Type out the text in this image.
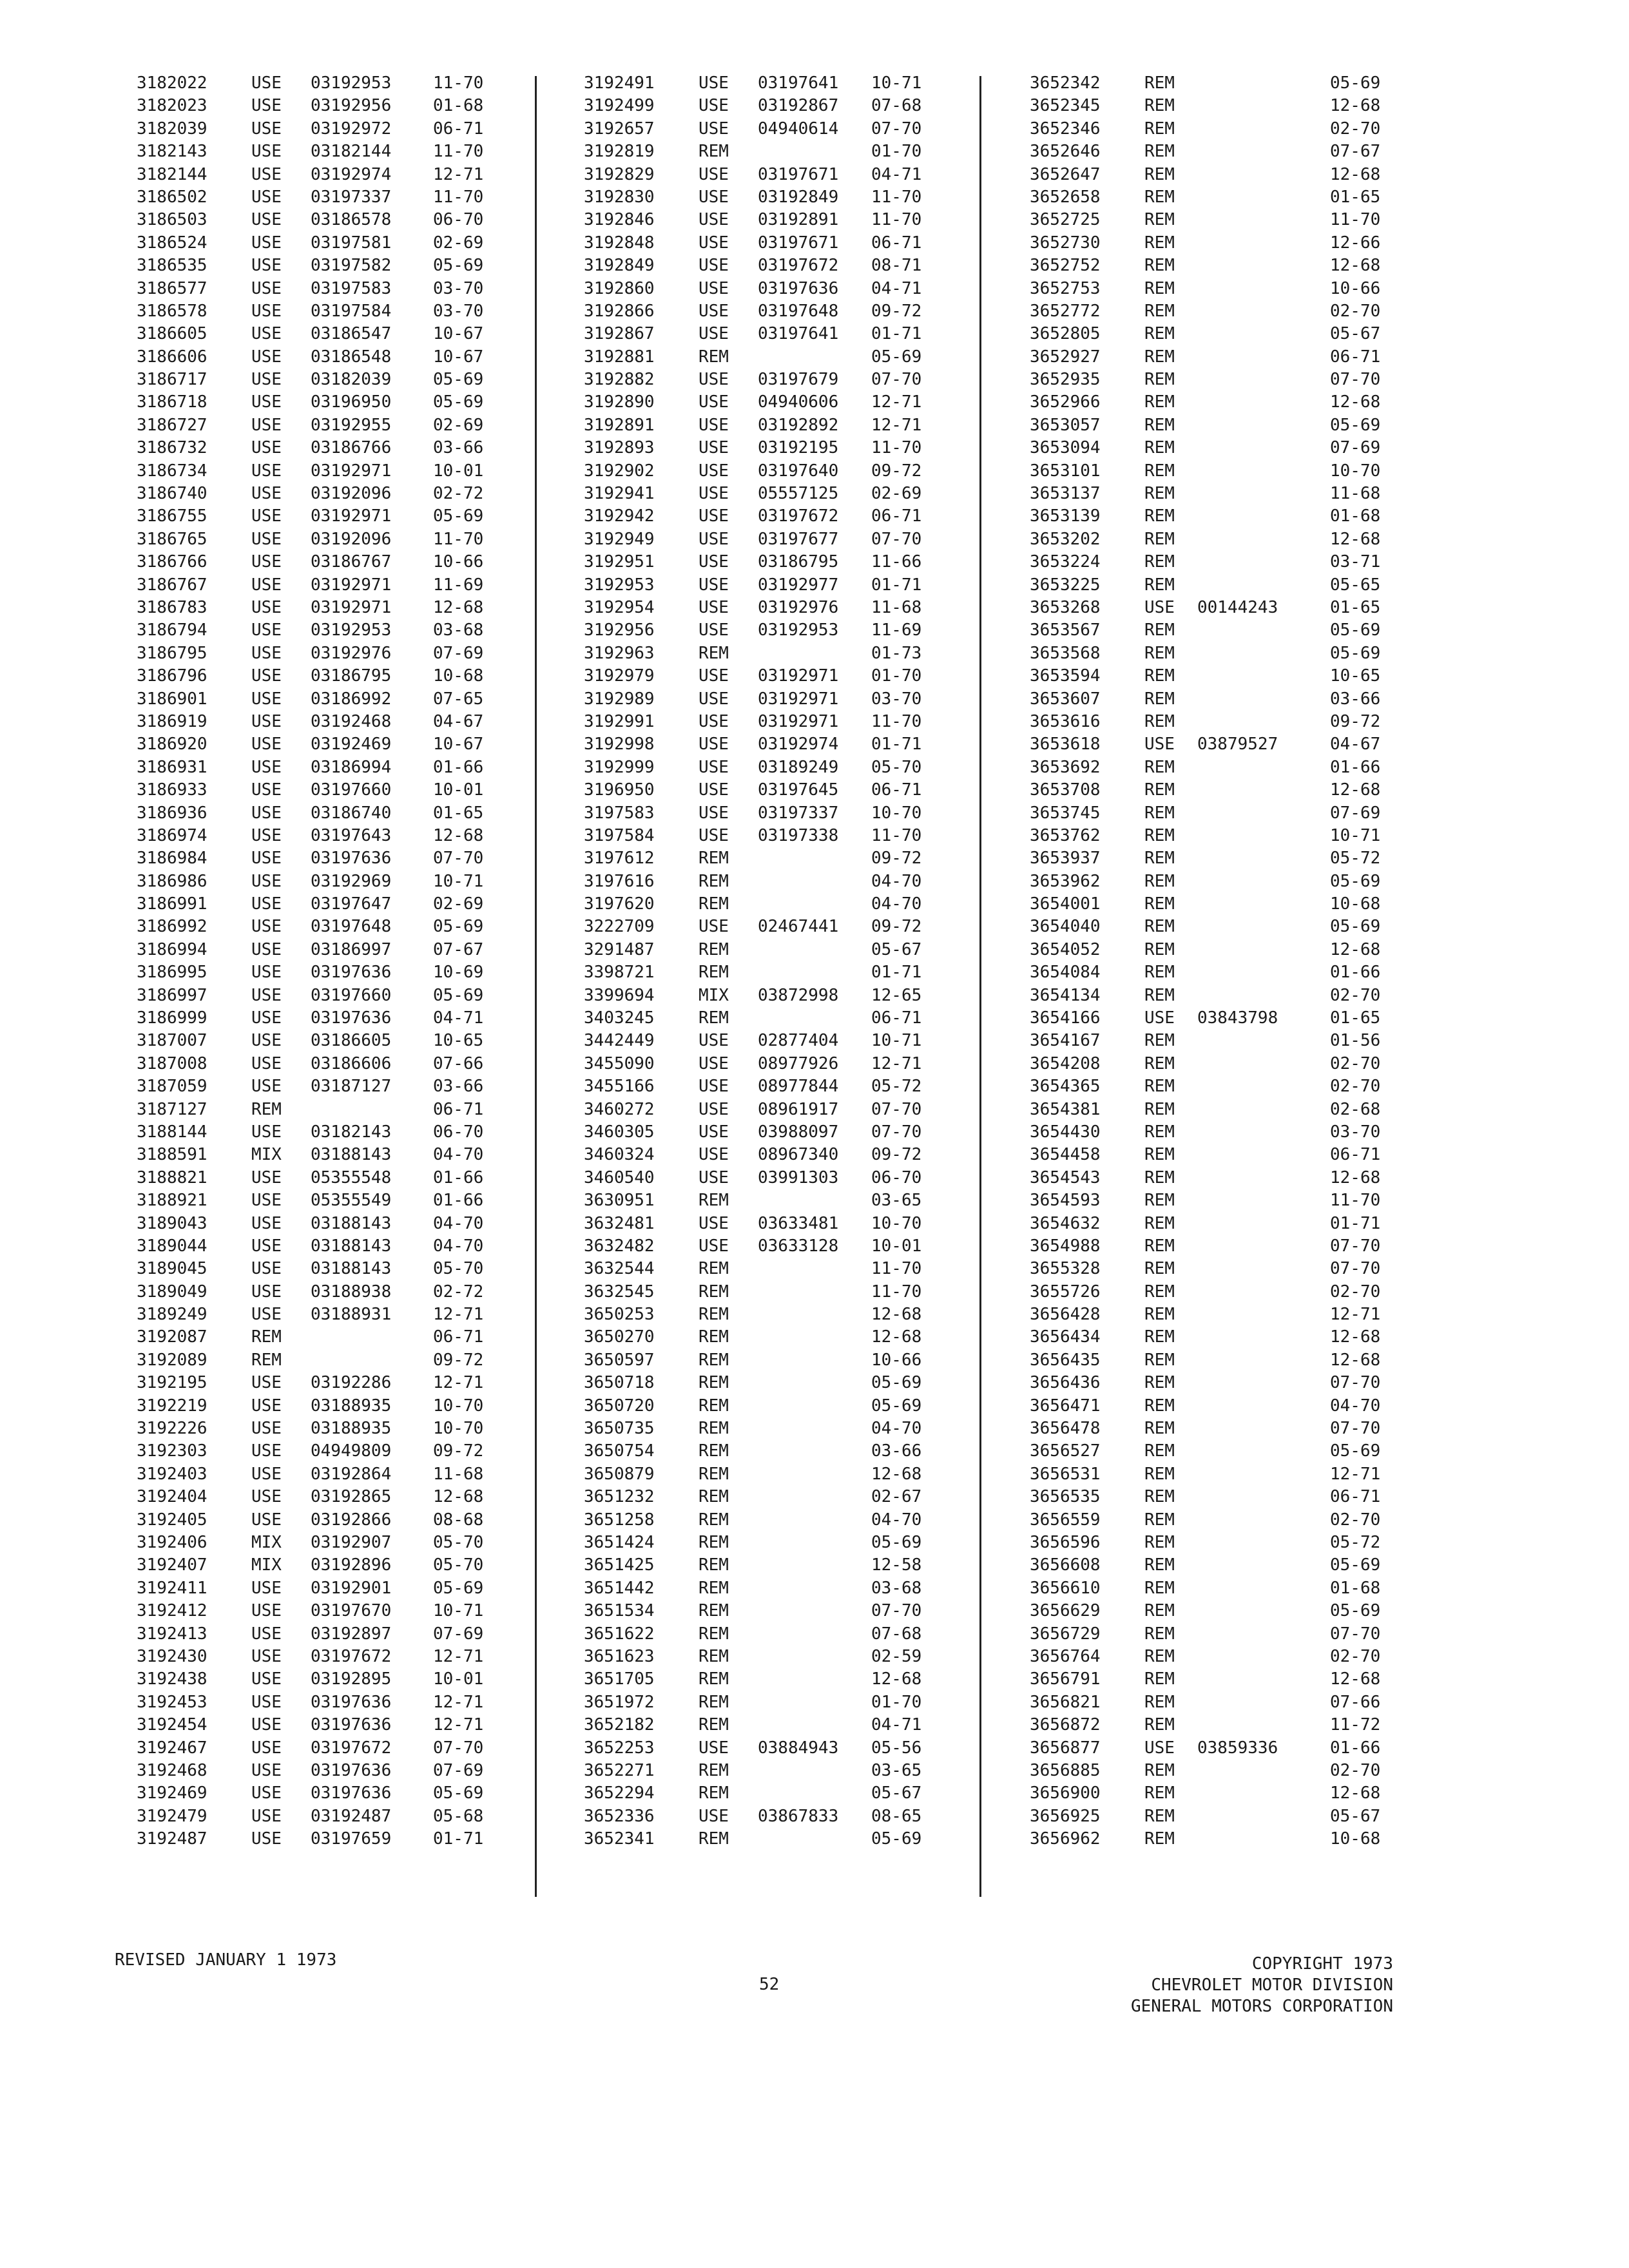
3182022	USE 03192953 11-70
3182023	USE 03192956 01-68
3182039	USE 03192972 06-71
3182143	USE 03182144 11-70
3182144	USE 03192974 12-71
3186502	USE 03197337 11-70
3186503	USE 03186578 06-70
3186524	USE 03197581 02-69
3186535	USE 03197582 05-69
3186577	USE 03197583 03-70
3186578	USE 03197584 03-70
3186605	USE 03186547 10-67
3186606	USE 03186548 10-67
3186717	USE 03182039 05-69
3186718	USE 03196950 05-69
3186727	USE 03192955 02-69
3186732	USE 03186766 03-66
3186734	USE 03192971 10-01
3186740	USE 03192096 02-72
3186755	USE 03192971 05-69
3186765	USE 03192096 11-70
3186766	USE 03186767 10-66
3186767	USE 03192971 11-69
3186783	USE 03192971 12-68
3186794	USE 03192953 03-68
3186795	USE 03192976 07-69
3186796	USE 03186795 10-68
3186901	USE 03186992 07-65
3186919	USE 03192468 04-67
3186920	USE 03192469 10-67
3186931	USE 03186994 01-66
3186933	USE 03197660 10-01
3186936	USE 03186740 01-65
3186974	USE 03197643 12-68
3186984	USE 03197636 07-70
3186986	USE 03192969 10-71
3186991	USE 03197647 02-69
3186992	USE 03197648 05-69
3186994	USE 03186997 07-67
3186995	USE 03197636 10-69
3186997	USE 03197660 05-69
3186999	USE 03197636 04-71
3187007	USE 03186605 10-65
3187008	USE 03186606 07-66
3187059	USE 03187127 03-66
3187127	REM	06-71
3188144	USE 03182143 06-70
3188591	MIX 03188143 04-70
3188821	USE 05355548 01-66
3188921	USE 05355549 01-66
3189043	USE 03188143 04-70
3189044	USE 03188143 04-70
3189045	USE 03188143 05-70
3189049	USE 03188938 02-72
3189249	USE 03188931 12-71
3192087	REM	06-71
3192089	REM	09-72
3192195	USE 03192286 12-71
3192219	USE 03188935 10-70
3192226	USE 03188935 10-70
3192303	USE 04949809 09-72
3192403	USE 03192864 11-68
3192404	USE 03192865 12-68
3192405	USE 03192866 08-68
3192406	MIX 03192907 05-70
3192407	MIX 03192896 05-70
3192411	USE 03192901 05-69
3192412	USE 03197670 10-71
3192413	USE 03192897 07-69
3192430	USE 03197672 12-71
3192438	USE 03192895 10-01
3192453	USE 03197636 12-71
3192454	USE 03197636 12-71
3192467	USE 03197672 07-70
3192468	USE 03197636 07-69
3192469	USE 03197636 05-69
3192479	USE 03192487 05-68
3192487	USE 03197659 01-71
3192491	USE 03197641 10-71
3192499	USE 03192867 07-68
3192657	USE 04940614 07-70
3192819	REM	01-70
3192829	USE 03197671 04-71
3192830	USE 03192849 11-70
3192846	USE 03192891 11-70
3192848	USE 03197671 06-71
3192849	USE 03197672 08-71
3192860	USE 03197636 04-71
3192866	USE 03197648 09-72
3192867	USE 03197641 01-71
3192881	REM	05-69
3192882	USE 03197679 07-70
3192890	USE 04940606 12-71
3192891	USE 03192892 12-71
3192893	USE 03192195 11-70
3192902	USE 03197640 09-72
3192941	USE 05557125 02-69
3192942	USE 03197672 06-71
3192949	USE 03197677 07-70
3192951	USE 03186795 11-66
3192953	USE 03192977 01-71
3192954	USE 03192976 11-68
3192956	USE 03192953 11-69
3192963	REM	01-73
3192979	USE 03192971 01-70
3192989	USE 03192971 03-70
3192991	USE 03192971 11-70
3192998	USE 03192974 01-71
3192999	USE 03189249 05-70
3196950	USE 03197645 06-71
3197583	USE 03197337 10-70
3197584	USE 03197338 11-70
3197612	REM	09-72
3197616	REM	04-70
3197620	REM	04-70
3222709	USE 02467441 09-72
3291487	REM	05-67
3398721	REM	01-71
3399694	MIX 03872998 12-65
3403245	REM	06-71
3442449	USE 02877404 10-71
3455090	USE 08977926 12-71
3455166	USE 08977844 05-72
3460272	USE 08961917 07-70
3460305	USE 03988097 07-70
3460324	USE 08967340 09-72
3460540	USE 03991303 06-70
3630951	REM	03-65
3632481	USE 03633481 10-70
3632482	USE 03633128 10-01
3632544	REM	11-70
3632545	REM	11-70
3650253	REM	12-68
3650270	REM	12-68
3650597	REM	10-66
3650718	REM	05-69
3650720	REM	05-69
3650735	REM	04-70
3650754	REM	03-66
3650879	REM	12-68
3651232	REM	02-67
3651258	REM	04-70
3651424	REM	05-69
3651425	REM	12-58
3651442	REM	03-68
3651534	REM	07-70
3651622	REM	07-68
3651623	REM	02-59
3651705	REM	12-68
3651972	REM	01-70
3652182	REM	04-71
3652253	USE 03884943 05-56
3652271	REM	03-65
3652294	REM	05-67
3652336	USE 03867833 08-65
3652341	REM	05-69
3652342	REM	05-69
3652345	REM	12-68
3652346	REM	02-70
3652646	REM	07-67
3652647	REM	12-68
3652658	REM	01-65
3652725	REM	11-70
3652730	REM	12-66
3652752	REM	12-68
3652753	REM	10-66
3652772	REM	02-70
3652805	REM	05-67
3652927	REM	06-71
3652935	REM	07-70
3652966	REM	12-68
3653057	REM	05-69
3653094	REM	07-69
3653101	REM	10-70
3653137	REM	11-68
3653139	REM	01-68
3653202	REM	12-68
3653224	REM	03-71
3653225	REM	05-65
3653268	USE 00144243	01-65
3653567	REM	05-69
3653568	REM	05-69
3653594	REM	10-65
3653607	REM	03-66
3653616	REM	09-72
3653618	USE 03879527	04-67
3653692	REM	01-66
3653708	REM	12-68
3653745	REM	07-69
3653762	REM	10-71
3653937	REM	05-72
3653962	REM	05-69
3654001	REM	10-68
3654040	REM	05-69
3654052	REM	12-68
3654084	REM	01-66
3654134	REM	02-70
3654166	USE 03843798	01-65
3654167	REM	01-56
3654208	REM	02-70
3654365	REM	02-70
3654381	REM	02-68
3654430	REM	03-70
3654458	REM	06-71
3654543	REM	12-68
3654593	REM	11-70
3654632	REM	01-71
3654988	REM	07-70
3655328	REM	07-70
3655726	REM	02-70
3656428	REM	12-71
3656434	REM	12-68
3656435	REM	12-68
3656436	REM	07-70
3656471	REM	04-70
3656478	REM	07-70
3656527	REM	05-69
3656531	REM	12-71
3656535	REM	06-71
3656559	REM	02-70
3656596	REM	05-72
3656608	REM	05-69
3656610	REM	01-68
3656629	REM	05-69
3656729	REM	07-70
3656764	REM	02-70
3656791	REM	12-68
3656821	REM	07-66
3656872	REM	11-72
3656877	USE 03859336	01-66
3656885	REM	02-70
3656900	REM	12-68
3656925	REM	05-67
3656962	REM	10-68
REVISED JANUARY 1 1973
52
COPYRIGHT 1973
CHEVROLET MOTOR DIVISION
GENERAL MOTORS CORPORATION
